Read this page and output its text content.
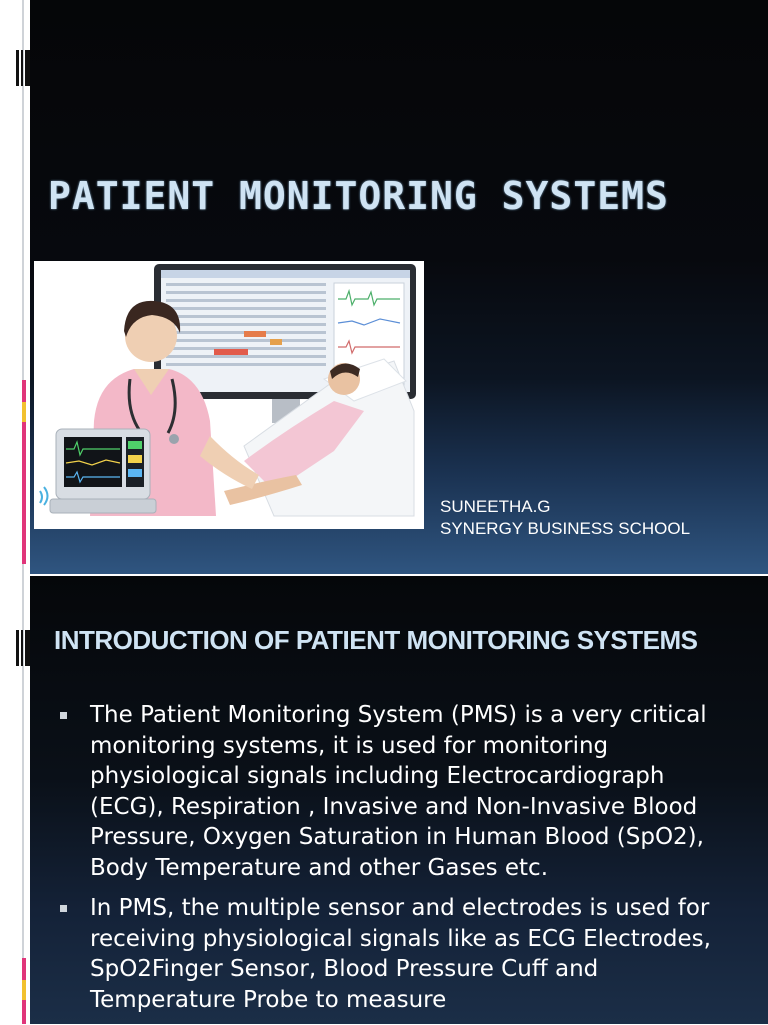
PATIENT MONITORING SYSTEMS
SUNEETHA.G
SYNERGY BUSINESS SCHOOL
INTRODUCTION OF PATIENT MONITORING SYSTEMS
The Patient Monitoring System (PMS) is a very critical monitoring systems, it is used for monitoring physiological signals including Electrocardiograph (ECG), Respiration , Invasive and Non-Invasive Blood Pressure, Oxygen Saturation in Human Blood (SpO2), Body Temperature and other Gases etc.
In PMS, the multiple sensor and electrodes is used for receiving physiological signals like as ECG Electrodes, SpO2Finger Sensor, Blood Pressure Cuff and Temperature Probe to measure
